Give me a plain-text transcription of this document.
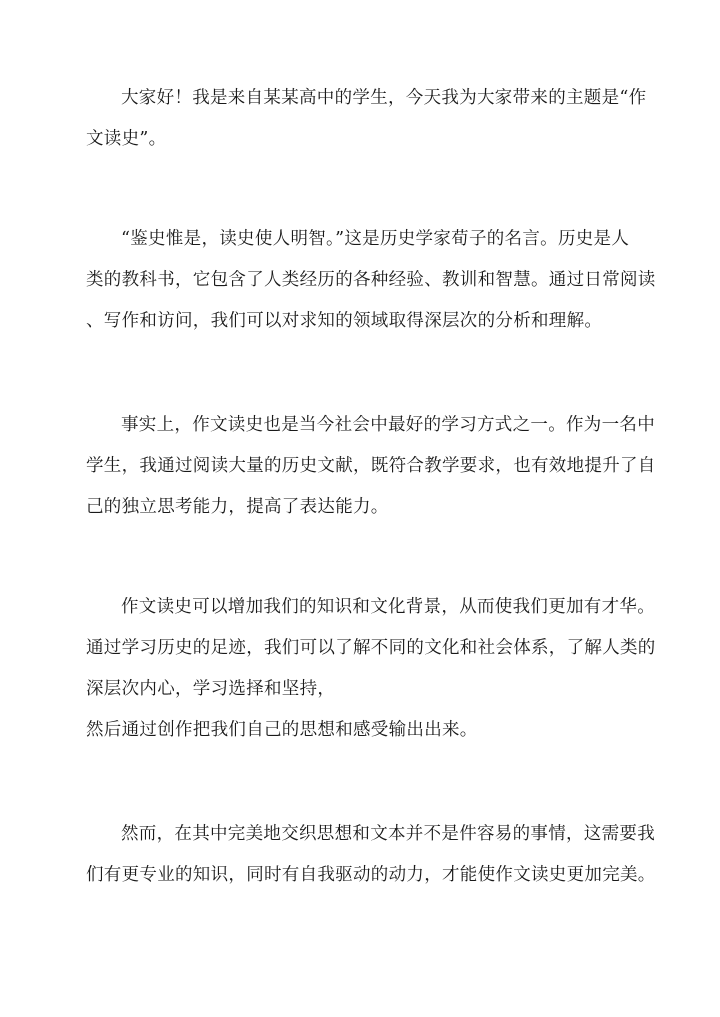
大家好！我是来自某某高中的学生，今天我为大家带来的主题是“作
文读史”。
“鉴史惟是，读史使人明智。”这是历史学家荀子的名言。历史是人
类的教科书，它包含了人类经历的各种经验、教训和智慧。通过日常阅读
、写作和访问，我们可以对求知的领域取得深层次的分析和理解。
事实上，作文读史也是当今社会中最好的学习方式之一。作为一名中
学生，我通过阅读大量的历史文献，既符合教学要求，也有效地提升了自
己的独立思考能力，提高了表达能力。
作文读史可以增加我们的知识和文化背景，从而使我们更加有才华。
通过学习历史的足迹，我们可以了解不同的文化和社会体系，了解人类的
深层次内心，学习选择和坚持，
然后通过创作把我们自己的思想和感受输出出来。
然而，在其中完美地交织思想和文本并不是件容易的事情，这需要我
们有更专业的知识，同时有自我驱动的动力，才能使作文读史更加完美。
